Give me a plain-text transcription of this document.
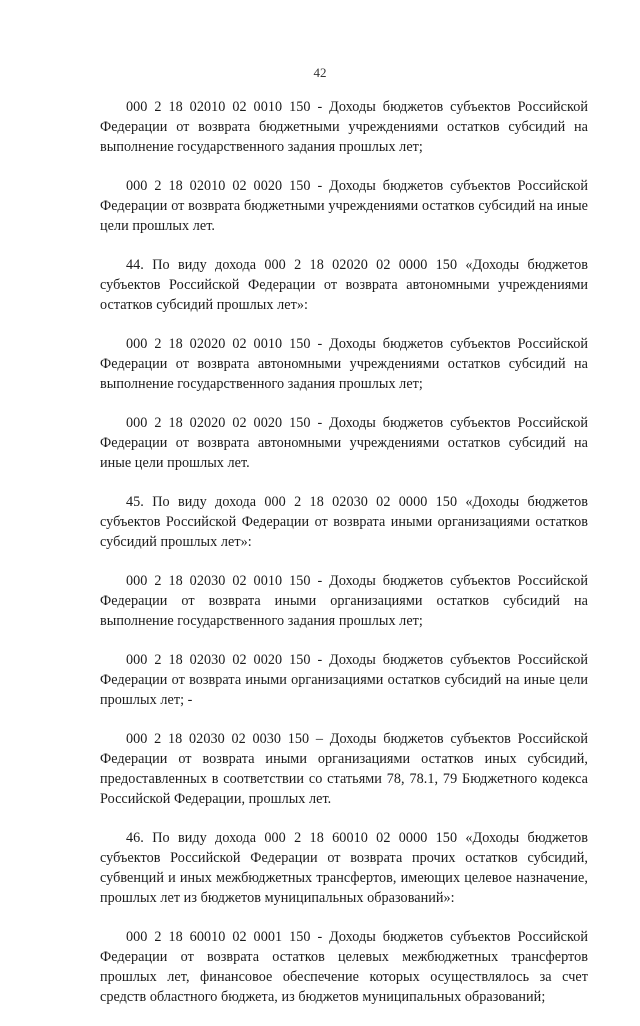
42

000 2 18 02010 02 0010 150 - Доходы бюджетов субъектов Российской Федерации от возврата бюджетными учреждениями остатков субсидий на выполнение государственного задания прошлых лет;

000 2 18 02010 02 0020 150 - Доходы бюджетов субъектов Российской Федерации от возврата бюджетными учреждениями остатков субсидий на иные цели прошлых лет.

44. По виду дохода 000 2 18 02020 02 0000 150 «Доходы бюджетов субъектов Российской Федерации от возврата автономными учреждениями остатков субсидий прошлых лет»:

000 2 18 02020 02 0010 150 - Доходы бюджетов субъектов Российской Федерации от возврата автономными учреждениями остатков субсидий на выполнение государственного задания прошлых лет;

000 2 18 02020 02 0020 150 - Доходы бюджетов субъектов Российской Федерации от возврата автономными учреждениями остатков субсидий на иные цели прошлых лет.

45. По виду дохода 000 2 18 02030 02 0000 150 «Доходы бюджетов субъектов Российской Федерации от возврата иными организациями остатков субсидий прошлых лет»:

000 2 18 02030 02 0010 150 - Доходы бюджетов субъектов Российской Федерации от возврата иными организациями остатков субсидий на выполнение государственного задания прошлых лет;

000 2 18 02030 02 0020 150 - Доходы бюджетов субъектов Российской Федерации от возврата иными организациями остатков субсидий на иные цели прошлых лет; -

000 2 18 02030 02 0030 150 – Доходы бюджетов субъектов Российской Федерации от возврата иными организациями остатков иных субсидий, предоставленных в соответствии со статьями 78, 78.1, 79 Бюджетного кодекса Российской Федерации, прошлых лет.

46. По виду дохода 000 2 18 60010 02 0000 150 «Доходы бюджетов субъектов Российской Федерации от возврата прочих остатков субсидий, субвенций и иных межбюджетных трансфертов, имеющих целевое назначение, прошлых лет из бюджетов муниципальных образований»:

000 2 18 60010 02 0001 150 - Доходы бюджетов субъектов Российской Федерации от возврата остатков целевых межбюджетных трансфертов прошлых лет, финансовое обеспечение которых осуществлялось за счет средств областного бюджета, из бюджетов муниципальных образований;
